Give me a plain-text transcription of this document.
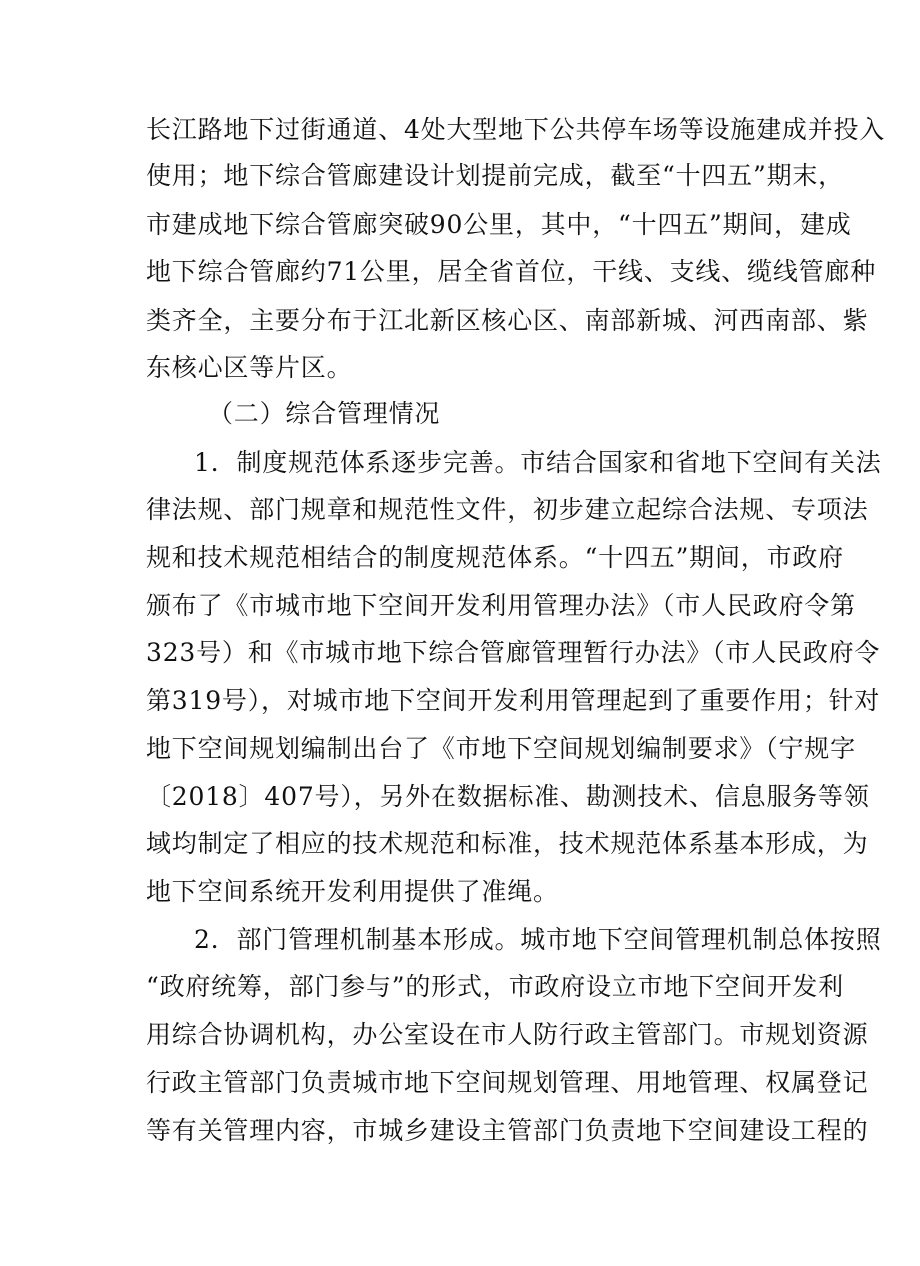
长江路地下过街通道、4处大型地下公共停车场等设施建成并投入
使用；地下综合管廊建设计划提前完成，截至“十四五”期末，
市建成地下综合管廊突破90公里，其中，“十四五”期间，建成
地下综合管廊约71公里，居全省首位，干线、支线、缆线管廊种
类齐全，主要分布于江北新区核心区、南部新城、河西南部、紫
东核心区等片区。
（二）综合管理情况
1．制度规范体系逐步完善。市结合国家和省地下空间有关法
律法规、部门规章和规范性文件，初步建立起综合法规、专项法
规和技术规范相结合的制度规范体系。“十四五”期间，市政府
颁布了《市城市地下空间开发利用管理办法》（市人民政府令第
323号）和《市城市地下综合管廊管理暂行办法》（市人民政府令
第319号），对城市地下空间开发利用管理起到了重要作用；针对
地下空间规划编制出台了《市地下空间规划编制要求》（宁规字
〔2018〕407号），另外在数据标准、勘测技术、信息服务等领
域均制定了相应的技术规范和标准，技术规范体系基本形成，为
地下空间系统开发利用提供了准绳。
2．部门管理机制基本形成。城市地下空间管理机制总体按照
“政府统筹，部门参与”的形式，市政府设立市地下空间开发利
用综合协调机构，办公室设在市人防行政主管部门。市规划资源
行政主管部门负责城市地下空间规划管理、用地管理、权属登记
等有关管理内容，市城乡建设主管部门负责地下空间建设工程的
